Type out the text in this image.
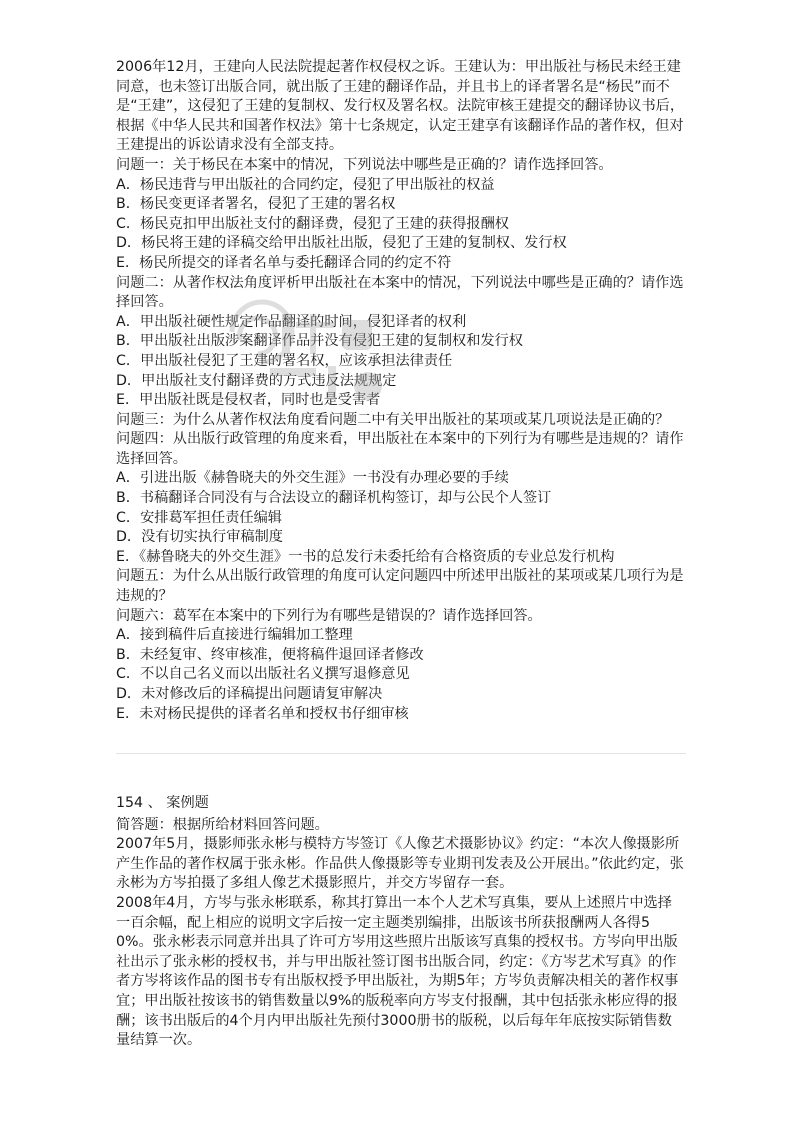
2006年12月，王建向人民法院提起著作权侵权之诉。王建认为：甲出版社与杨民未经王建同意，也未签订出版合同，就出版了王建的翻译作品，并且书上的译者署名是“杨民”而不是“王建”，这侵犯了王建的复制权、发行权及署名权。法院审核王建提交的翻译协议书后，根据《中华人民共和国著作权法》第十七条规定，认定王建享有该翻译作品的著作权，但对王建提出的诉讼请求没有全部支持。

问题一：关于杨民在本案中的情况，下列说法中哪些是正确的？请作选择回答。

A．杨民违背与甲出版社的合同约定，侵犯了甲出版社的权益

B．杨民变更译者署名，侵犯了王建的署名权

C．杨民克扣甲出版社支付的翻译费，侵犯了王建的获得报酬权

D．杨民将王建的译稿交给甲出版社出版，侵犯了王建的复制权、发行权

E．杨民所提交的译者名单与委托翻译合同的约定不符

问题二：从著作权法角度评析甲出版社在本案中的情况，下列说法中哪些是正确的？请作选择回答。

A．甲出版社硬性规定作品翻译的时间，侵犯译者的权利

B．甲出版社出版涉案翻译作品并没有侵犯王建的复制权和发行权

C．甲出版社侵犯了王建的署名权，应该承担法律责任

D．甲出版社支付翻译费的方式违反法规规定

E．甲出版社既是侵权者，同时也是受害者

问题三：为什么从著作权法角度看问题二中有关甲出版社的某项或某几项说法是正确的？

问题四：从出版行政管理的角度来看，甲出版社在本案中的下列行为有哪些是违规的？请作选择回答。

A．引进出版《赫鲁晓夫的外交生涯》一书没有办理必要的手续

B．书稿翻译合同没有与合法设立的翻译机构签订，却与公民个人签订

C．安排葛军担任责任编辑

D．没有切实执行审稿制度

E．《赫鲁晓夫的外交生涯》一书的总发行未委托给有合格资质的专业总发行机构

问题五：为什么从出版行政管理的角度可认定问题四中所述甲出版社的某项或某几项行为是违规的？

问题六：葛军在本案中的下列行为有哪些是错误的？请作选择回答。

A．接到稿件后直接进行编辑加工整理

B．未经复审、终审核准，便将稿件退回译者修改

C．不以自己名义而以出版社名义撰写退修意见

D．未对修改后的译稿提出问题请复审解决

E．未对杨民提供的译者名单和授权书仔细审核

154 、 案例题

简答题：根据所给材料回答问题。

2007年5月，摄影师张永彬与模特方岑签订《人像艺术摄影协议》约定：“本次人像摄影所产生作品的著作权属于张永彬。作品供人像摄影等专业期刊发表及公开展出。”依此约定，张永彬为方岑拍摄了多组人像艺术摄影照片，并交方岑留存一套。

2008年4月，方岑与张永彬联系，称其打算出一本个人艺术写真集，要从上述照片中选择一百余幅，配上相应的说明文字后按一定主题类别编排，出版该书所获报酬两人各得50%。张永彬表示同意并出具了许可方岑用这些照片出版该写真集的授权书。方岑向甲出版社出示了张永彬的授权书，并与甲出版社签订图书出版合同，约定：《方岑艺术写真》的作者方岑将该作品的图书专有出版权授予甲出版社，为期5年；方岑负责解决相关的著作权事宜；甲出版社按该书的销售数量以9%的版税率向方岑支付报酬，其中包括张永彬应得的报酬；该书出版后的4个月内甲出版社先预付3000册书的版税，以后每年年底按实际销售数量结算一次。
